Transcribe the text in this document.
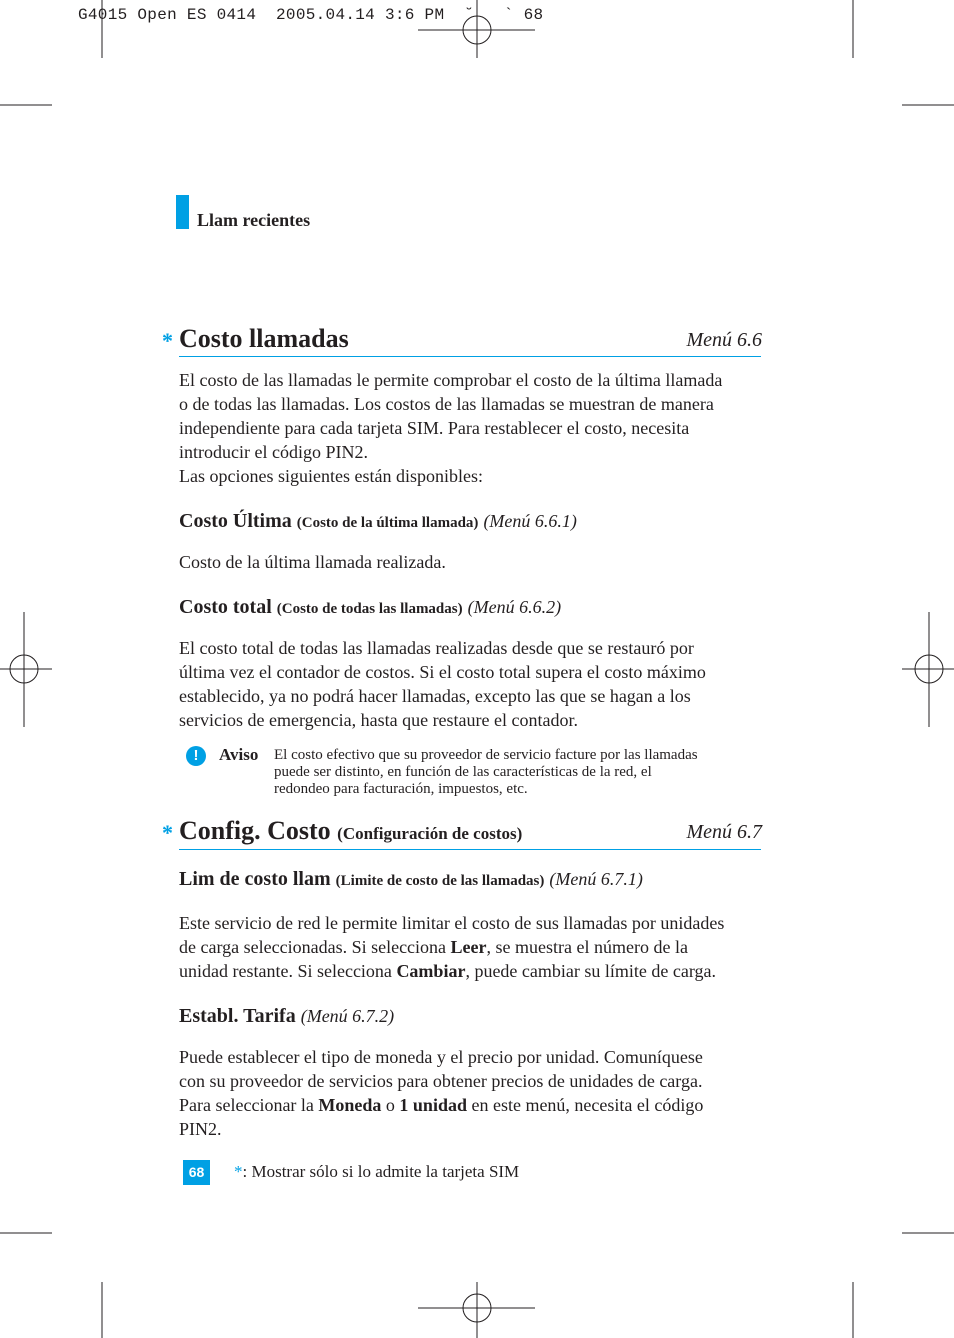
G4015 Open ES 0414  2005.04.14 3:6 PM  ˘   ` 68
Llam recientes
* Costo llamadas	Menú 6.6

El costo de las llamadas le permite comprobar el costo de la última llamada

o de todas las llamadas. Los costos de las llamadas se muestran de manera

independiente para cada tarjeta SIM. Para restablecer el costo, necesita

introducir el código PIN2.

Las opciones siguientes están disponibles:

Costo Última (Costo de la última llamada) (Menú 6.6.1)

Costo de la última llamada realizada.

Costo total (Costo de todas las llamadas) (Menú 6.6.2)

El costo total de todas las llamadas realizadas desde que se restauró por

última vez el contador de costos. Si el costo total supera el costo máximo

establecido, ya no podrá hacer llamadas, excepto las que se hagan a los

servicios de emergencia, hasta que restaure el contador.

!	Aviso El costo efectivo que su proveedor de servicio facture por las llamadas
puede ser distinto, en función de las características de la red, el
redondeo para facturación, impuestos, etc.
* Config. Costo (Configuración de costos)	Menú 6.7
Lim de costo llam (Limite de costo de las llamadas) (Menú 6.7.1)

Este servicio de red le permite limitar el costo de sus llamadas por unidades

de carga seleccionadas. Si selecciona Leer, se muestra el número de la

unidad restante. Si selecciona Cambiar, puede cambiar su límite de carga.

Establ. Tarifa (Menú 6.7.2)

Puede establecer el tipo de moneda y el precio por unidad. Comuníquese

con su proveedor de servicios para obtener precios de unidades de carga.

Para seleccionar la Moneda o 1 unidad en este menú, necesita el código

PIN2.

68	*: Mostrar sólo si lo admite la tarjeta SIM
